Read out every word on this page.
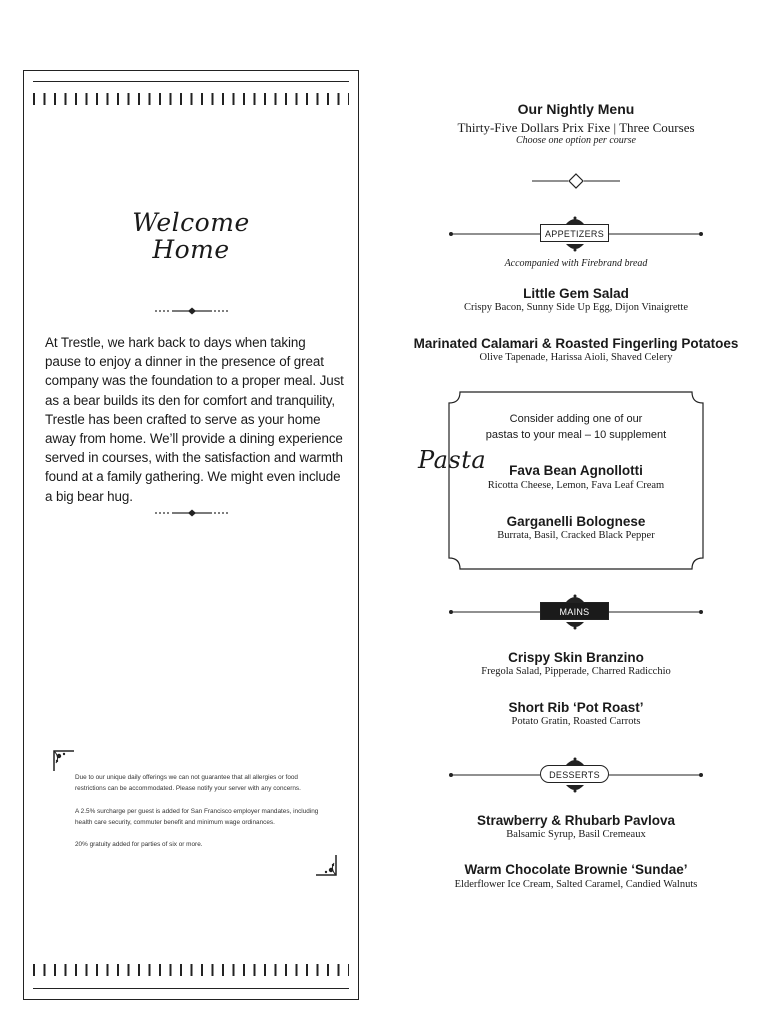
Welcome
Home
At Trestle, we hark back to days when taking pause to enjoy a dinner in the presence of great company was the foundation to a proper meal. Just as a bear builds its den for comfort and tranquility, Trestle has been crafted to serve as your home away from home. We’ll provide a dining experience served in courses, with the satisfaction and warmth found at a family gathering. We might even include a big bear hug.

Due to our unique daily offerings we can not guarantee that all allergies or food restrictions can be accommodated. Please notify your server with any concerns.

A 2.5% surcharge per guest is added for San Francisco employer mandates, including health care security, commuter benefit and minimum wage ordinances.

20% gratuity added for parties of six or more.

Our Nightly Menu
Thirty-Five Dollars Prix Fixe | Three Courses
Choose one option per course
APPETIZERS
Accompanied with Firebrand bread
Little Gem Salad
Crispy Bacon, Sunny Side Up Egg, Dijon Vinaigrette
Marinated Calamari & Roasted Fingerling Potatoes
Olive Tapenade, Harissa Aioli, Shaved Celery
Pasta
Consider adding one of our
pastas to your meal – 10 supplement
Fava Bean Agnollotti
Ricotta Cheese, Lemon, Fava Leaf Cream
Garganelli Bolognese
Burrata, Basil, Cracked Black Pepper
MAINS
Crispy Skin Branzino
Fregola Salad, Pipperade, Charred Radicchio
Short Rib ‘Pot Roast’
Potato Gratin, Roasted Carrots
DESSERTS
Strawberry & Rhubarb Pavlova
Balsamic Syrup, Basil Cremeaux
Warm Chocolate Brownie ‘Sundae’
Elderflower Ice Cream, Salted Caramel, Candied Walnuts
